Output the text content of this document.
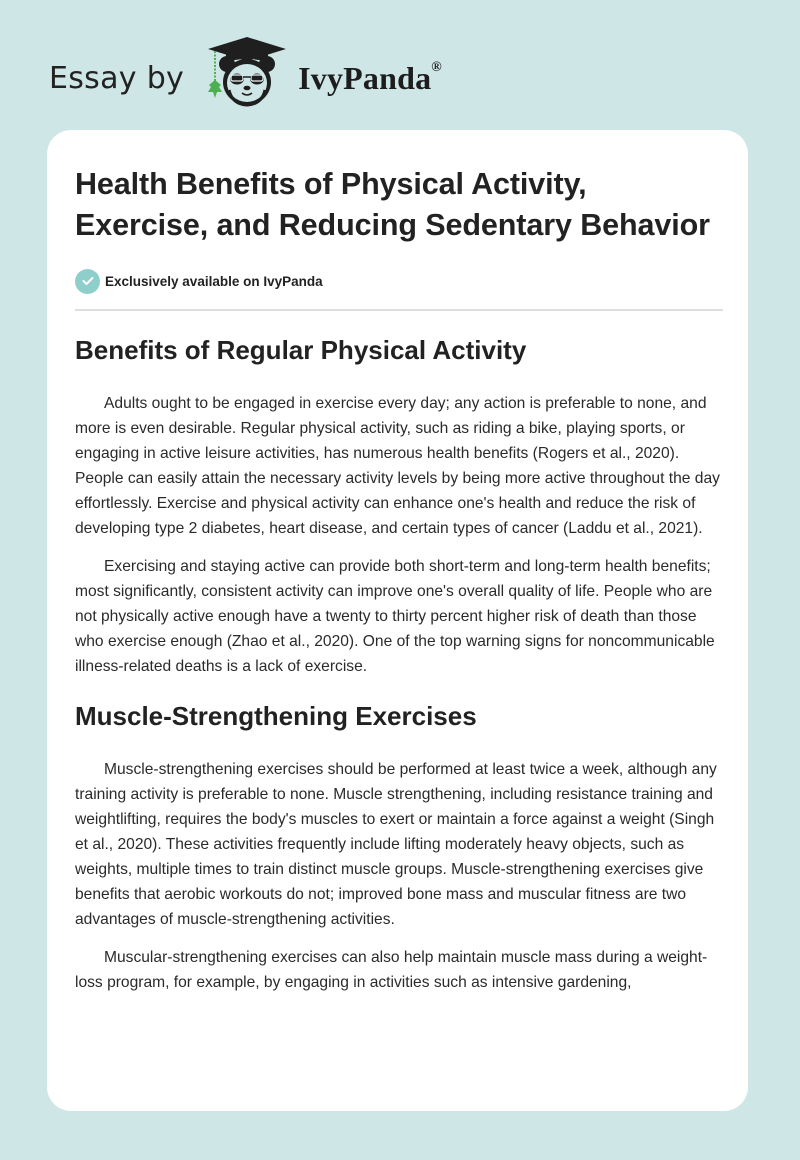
Essay by	IvyPanda®
Health Benefits of Physical Activity, Exercise, and Reducing Sedentary Behavior
Exclusively available on IvyPanda
Benefits of Regular Physical Activity

Adults ought to be engaged in exercise every day; any action is preferable to none, and more is even desirable. Regular physical activity, such as riding a bike, playing sports, or engaging in active leisure activities, has numerous health benefits (Rogers et al., 2020). People can easily attain the necessary activity levels by being more active throughout the day effortlessly. Exercise and physical activity can enhance one's health and reduce the risk of developing type 2 diabetes, heart disease, and certain types of cancer (Laddu et al., 2021).

Exercising and staying active can provide both short-term and long-term health benefits; most significantly, consistent activity can improve one's overall quality of life. People who are not physically active enough have a twenty to thirty percent higher risk of death than those who exercise enough (Zhao et al., 2020). One of the top warning signs for noncommunicable illness-related deaths is a lack of exercise.

Muscle-Strengthening Exercises

Muscle-strengthening exercises should be performed at least twice a week, although any training activity is preferable to none. Muscle strengthening, including resistance training and weightlifting, requires the body's muscles to exert or maintain a force against a weight (Singh et al., 2020). These activities frequently include lifting moderately heavy objects, such as weights, multiple times to train distinct muscle groups. Muscle-strengthening exercises give benefits that aerobic workouts do not; improved bone mass and muscular fitness are two advantages of muscle-strengthening activities.

Muscular-strengthening exercises can also help maintain muscle mass during a weight-loss program, for example, by engaging in activities such as intensive gardening,
